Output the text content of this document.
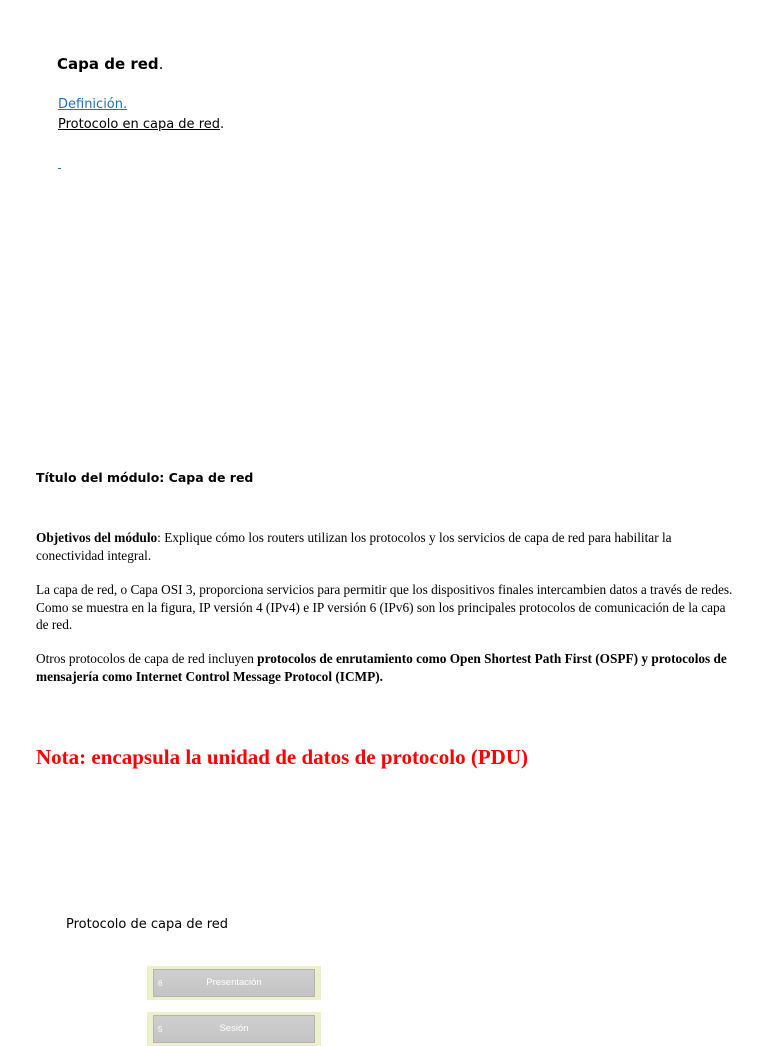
Capa de red.
Definición.
Protocolo en capa de red.
Título del módulo: Capa de red

Objetivos del módulo: Explique cómo los routers utilizan los protocolos y los servicios de capa de red para habilitar la conectividad integral.

La capa de red, o Capa OSI 3, proporciona servicios para permitir que los dispositivos finales intercambien datos a través de redes. Como se muestra en la figura, IP versión 4 (IPv4) e IP versión 6 (IPv6) son los principales protocolos de comunicación de la capa de red.

Otros protocolos de capa de red incluyen protocolos de enrutamiento como Open Shortest Path First (OSPF) y protocolos de mensajería como Internet Control Message Protocol (ICMP).

Nota: encapsula la unidad de datos de protocolo (PDU)
Protocolo de capa de red
6	Presentación
5	Sesión
